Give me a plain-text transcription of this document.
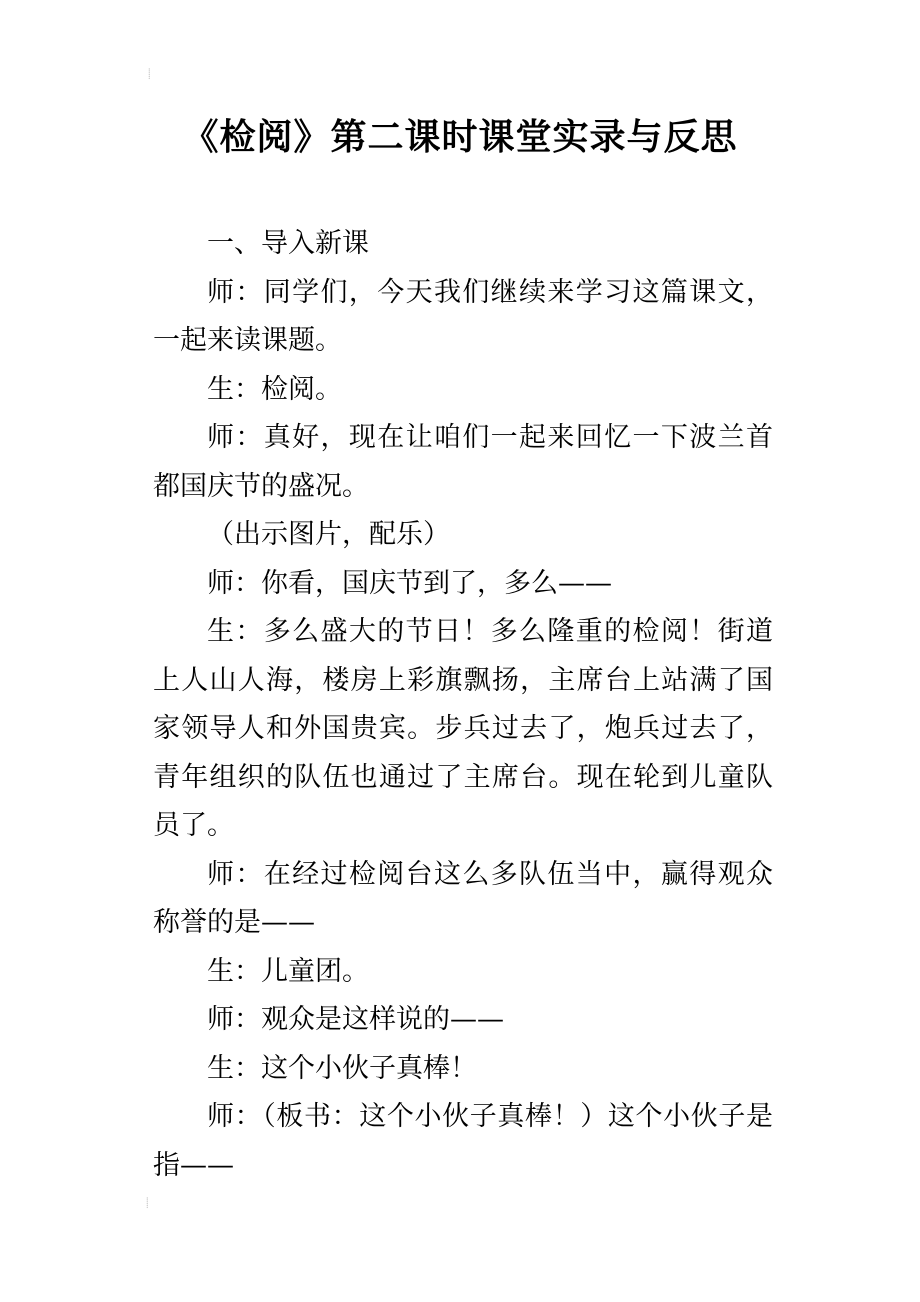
⸽
《检阅》第二课时课堂实录与反思

一、导入新课

师：同学们，今天我们继续来学习这篇课文，一起来读课题。

生：检阅。

师：真好，现在让咱们一起来回忆一下波兰首都国庆节的盛况。

（出示图片，配乐）

师：你看，国庆节到了，多么——

生：多么盛大的节日！多么隆重的检阅！街道上人山人海，楼房上彩旗飘扬，主席台上站满了国家领导人和外国贵宾。步兵过去了，炮兵过去了，青年组织的队伍也通过了主席台。现在轮到儿童队员了。

师：在经过检阅台这么多队伍当中，赢得观众称誉的是——

生：儿童团。

师：观众是这样说的——

生：这个小伙子真棒！

师：（板书：这个小伙子真棒！）这个小伙子是指——

⸽
